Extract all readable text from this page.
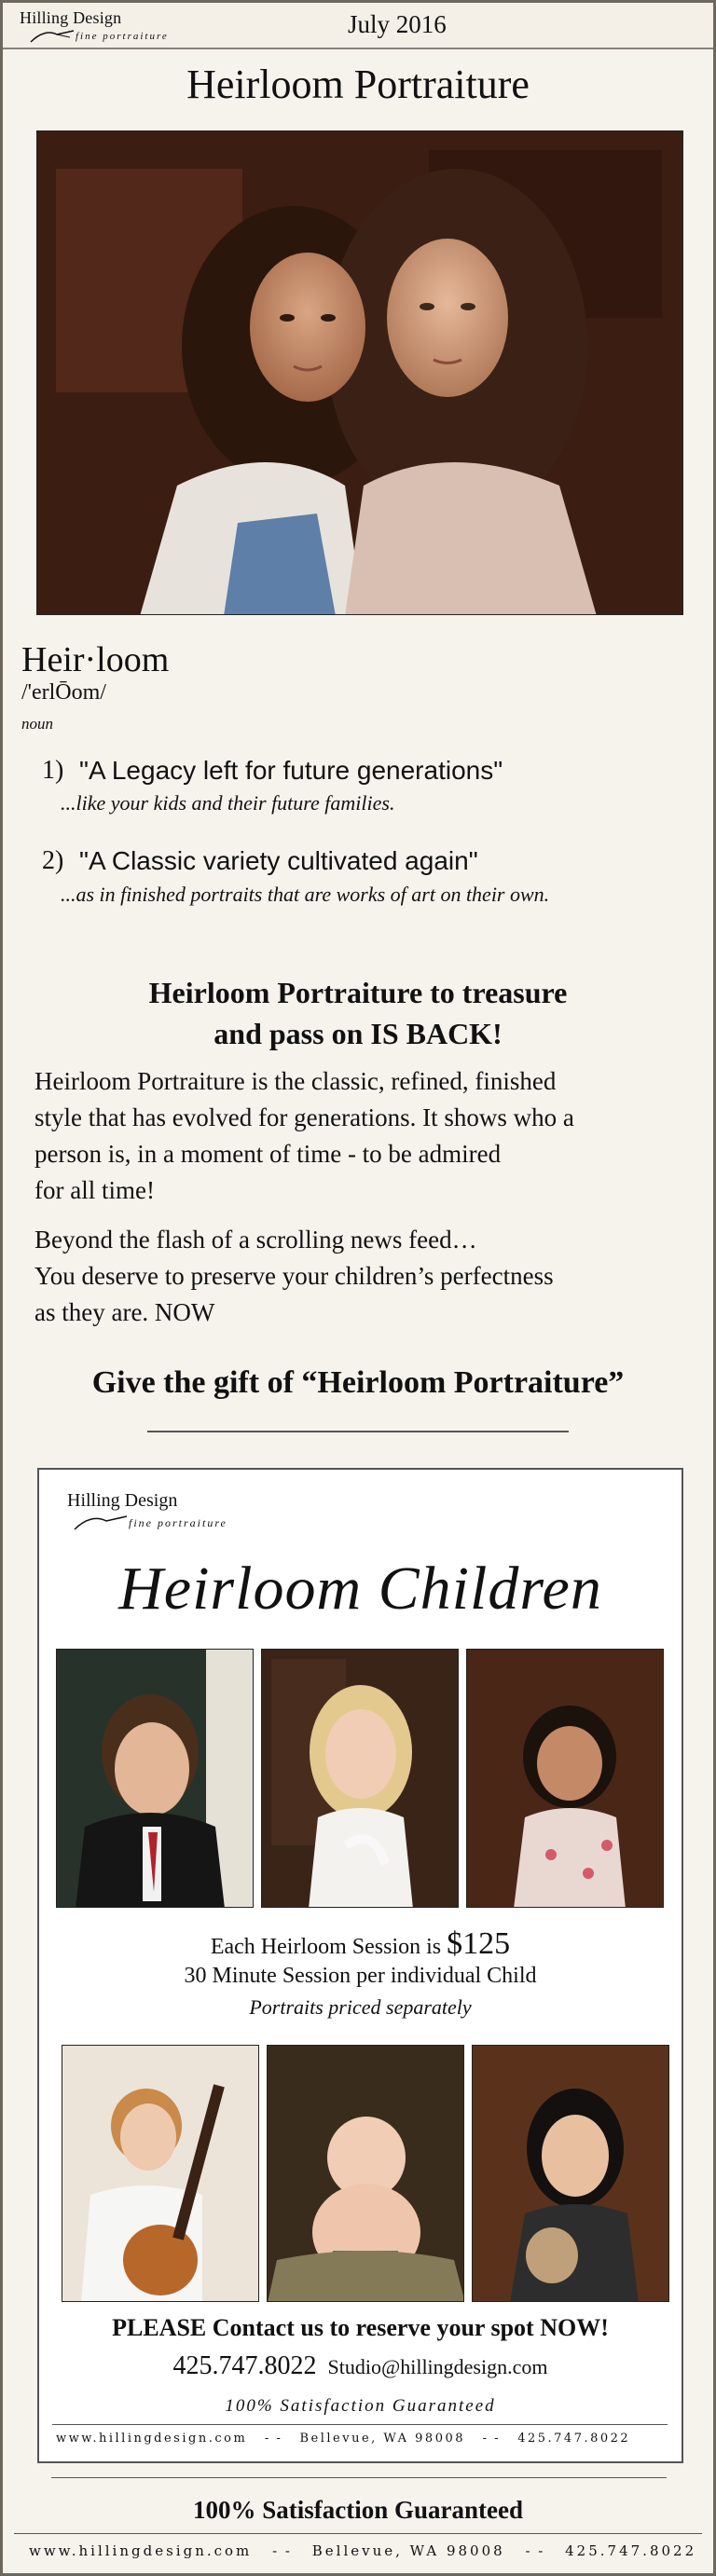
Hilling Design
fine portraiture	July 2016
Heirloom Portraiture
Heir·loom
/'erlŌom/
noun
1) "A Legacy left for future generations"
...like your kids and their future families.
2) "A Classic variety cultivated again"
...as in finished portraits that are works of art on their own.
Heirloom Portraiture to treasure
and pass on IS BACK!
Heirloom Portraiture is the classic, refined, finished
style that has evolved for generations. It shows who a
person is, in a moment of time - to be admired
for all time!
Beyond the flash of a scrolling news feed…
You deserve to preserve your children’s perfectness
as they are. NOW
Give the gift of “Heirloom Portraiture”
Hilling Design
fine portraiture
Heirloom Children
Each Heirloom Session is $125
30 Minute Session per individual Child
Portraits priced separately
PLEASE Contact us to reserve your spot NOW!
425.747.8022 Studio@hillingdesign.com
100% Satisfaction Guaranteed
www.hillingdesign.com - - Bellevue, WA 98008 - - 425.747.8022
100% Satisfaction Guaranteed
www.hillingdesign.com - - Bellevue, WA 98008 - - 425.747.8022
